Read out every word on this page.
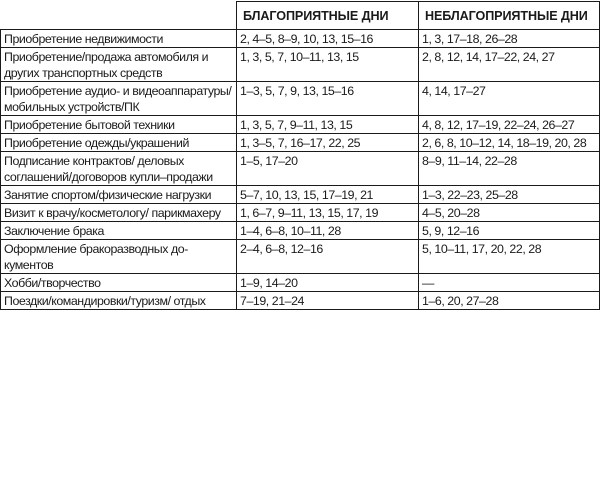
	БЛАГОПРИЯТНЫЕ ДНИ	НЕБЛАГОПРИЯТНЫЕ ДНИ
Приобретение недвижимости	2, 4–5, 8–9, 10, 13, 15–16	1, 3, 17–18, 26–28
Приобретение/продажа автомобиля и других транспортных средств	1, 3, 5, 7, 10–11, 13, 15	2, 8, 12, 14, 17–22, 24, 27
Приобретение аудио- и видеоаппаратуры/мобильных устройств/ПК	1–3, 5, 7, 9, 13, 15–16	4, 14, 17–27
Приобретение бытовой техники	1, 3, 5, 7, 9–11, 13, 15	4, 8, 12, 17–19, 22–24, 26–27
Приобретение одежды/украшений	1, 3–5, 7, 16–17, 22, 25	2, 6, 8, 10–12, 14, 18–19, 20, 28
Подписание контрактов/ деловых соглашений/договоров купли–продажи	1–5, 17–20	8–9, 11–14, 22–28
Занятие спортом/физические нагрузки	5–7, 10, 13, 15, 17–19, 21	1–3, 22–23, 25–28
Визит к врачу/косметологу/ парикмахеру	1, 6–7, 9–11, 13, 15, 17, 19	4–5, 20–28
Заключение брака	1–4, 6–8, 10–11, 28	5, 9, 12–16
Оформление бракоразводных документов	2–4, 6–8, 12–16	5, 10–11, 17, 20, 22, 28
Хобби/творчество	1–9, 14–20	—
Поездки/командировки/туризм/ отдых	7–19, 21–24	1–6, 20, 27–28
